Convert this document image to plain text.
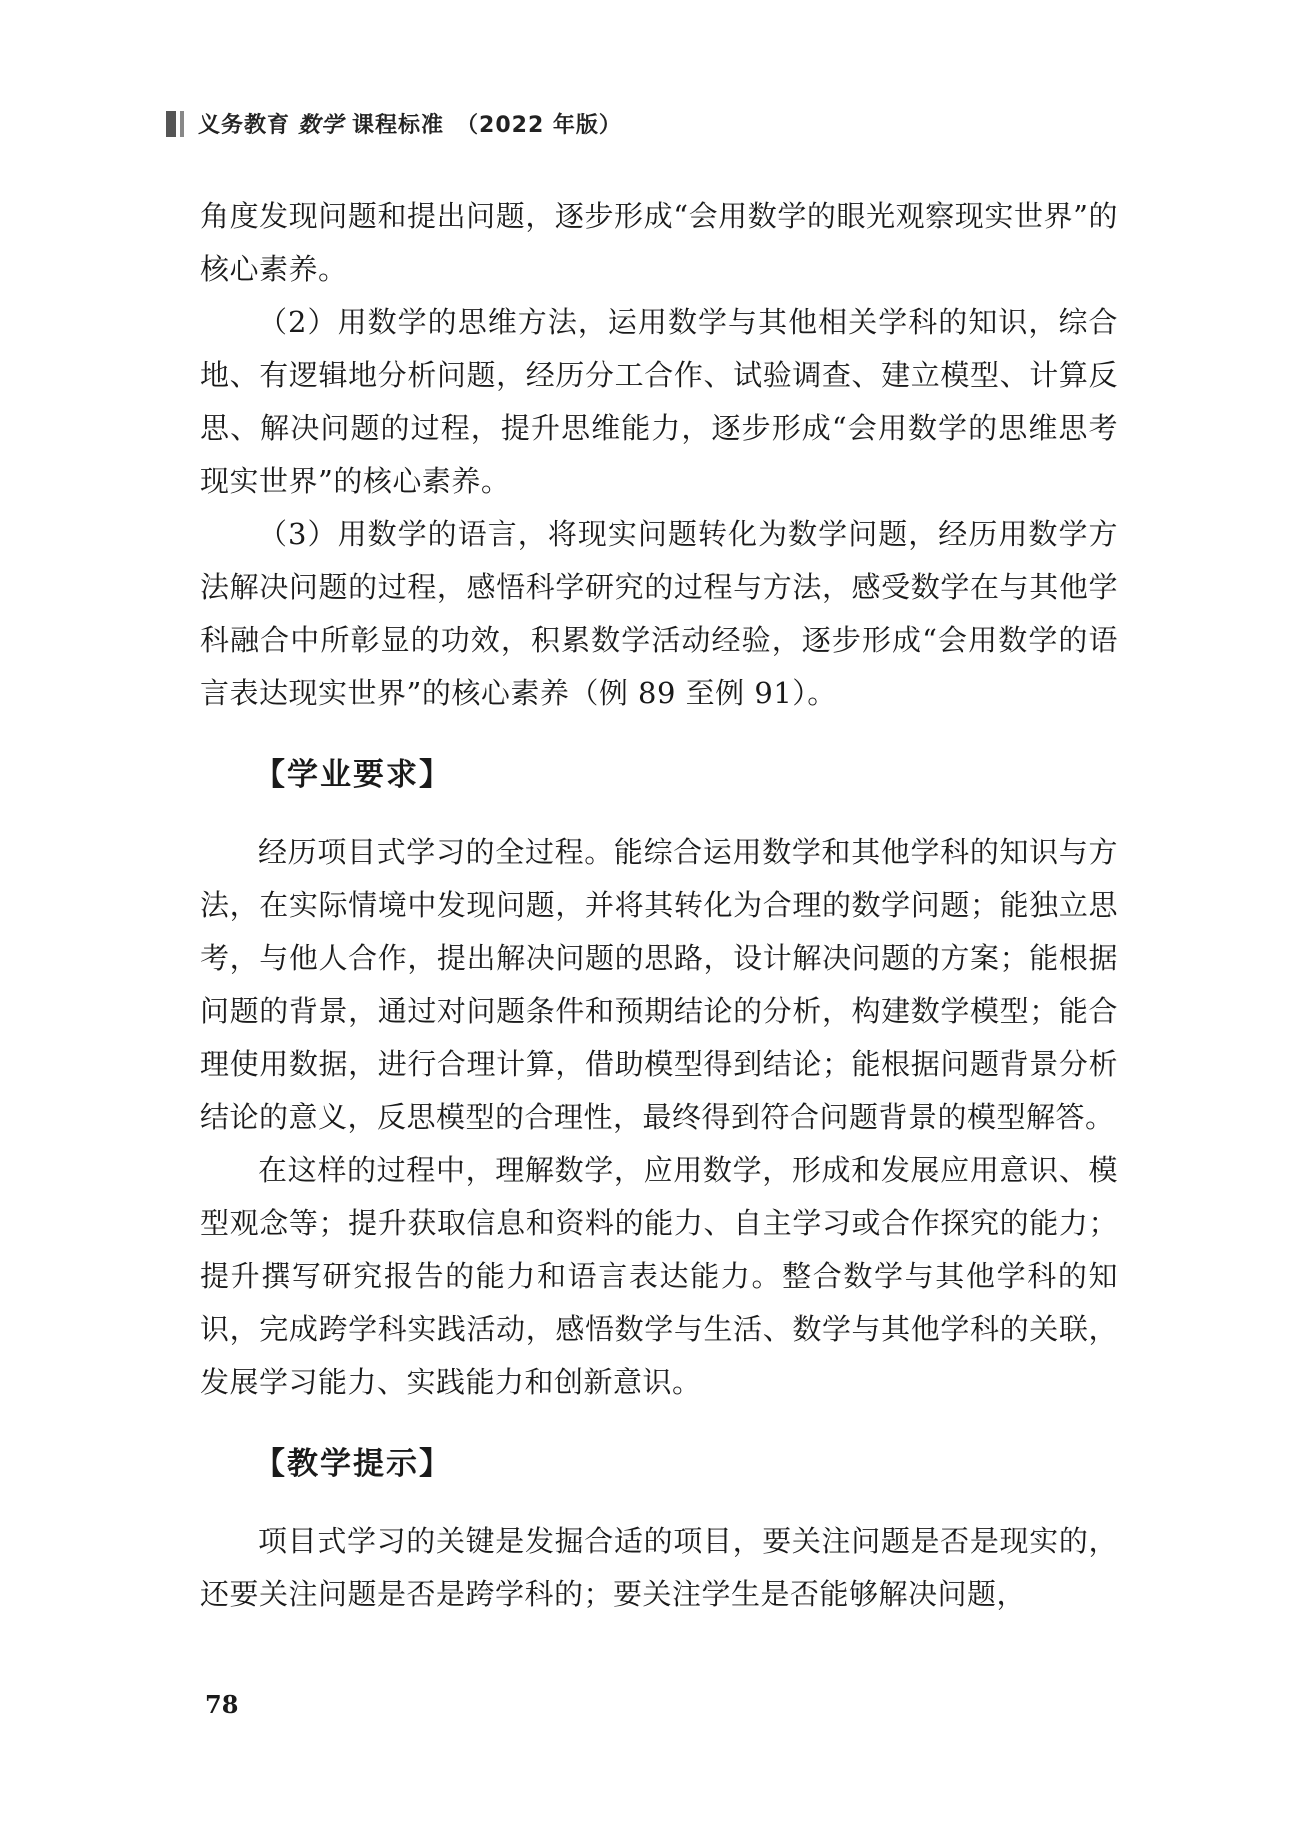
义务教育 数学 课程标准 （2022 年版）

角度发现问题和提出问题，逐步形成“会用数学的眼光观察现实世界”的核心素养。

（2）用数学的思维方法，运用数学与其他相关学科的知识，综合地、有逻辑地分析问题，经历分工合作、试验调查、建立模型、计算反思、解决问题的过程，提升思维能力，逐步形成“会用数学的思维思考现实世界”的核心素养。

（3）用数学的语言，将现实问题转化为数学问题，经历用数学方法解决问题的过程，感悟科学研究的过程与方法，感受数学在与其他学科融合中所彰显的功效，积累数学活动经验，逐步形成“会用数学的语言表达现实世界”的核心素养（例 89 至例 91）。

【学业要求】

经历项目式学习的全过程。能综合运用数学和其他学科的知识与方法，在实际情境中发现问题，并将其转化为合理的数学问题；能独立思考，与他人合作，提出解决问题的思路，设计解决问题的方案；能根据问题的背景，通过对问题条件和预期结论的分析，构建数学模型；能合理使用数据，进行合理计算，借助模型得到结论；能根据问题背景分析结论的意义，反思模型的合理性，最终得到符合问题背景的模型解答。

在这样的过程中，理解数学，应用数学，形成和发展应用意识、模型观念等；提升获取信息和资料的能力、自主学习或合作探究的能力；提升撰写研究报告的能力和语言表达能力。整合数学与其他学科的知识，完成跨学科实践活动，感悟数学与生活、数学与其他学科的关联，发展学习能力、实践能力和创新意识。

【教学提示】

项目式学习的关键是发掘合适的项目，要关注问题是否是现实的，还要关注问题是否是跨学科的；要关注学生是否能够解决问题，

78
